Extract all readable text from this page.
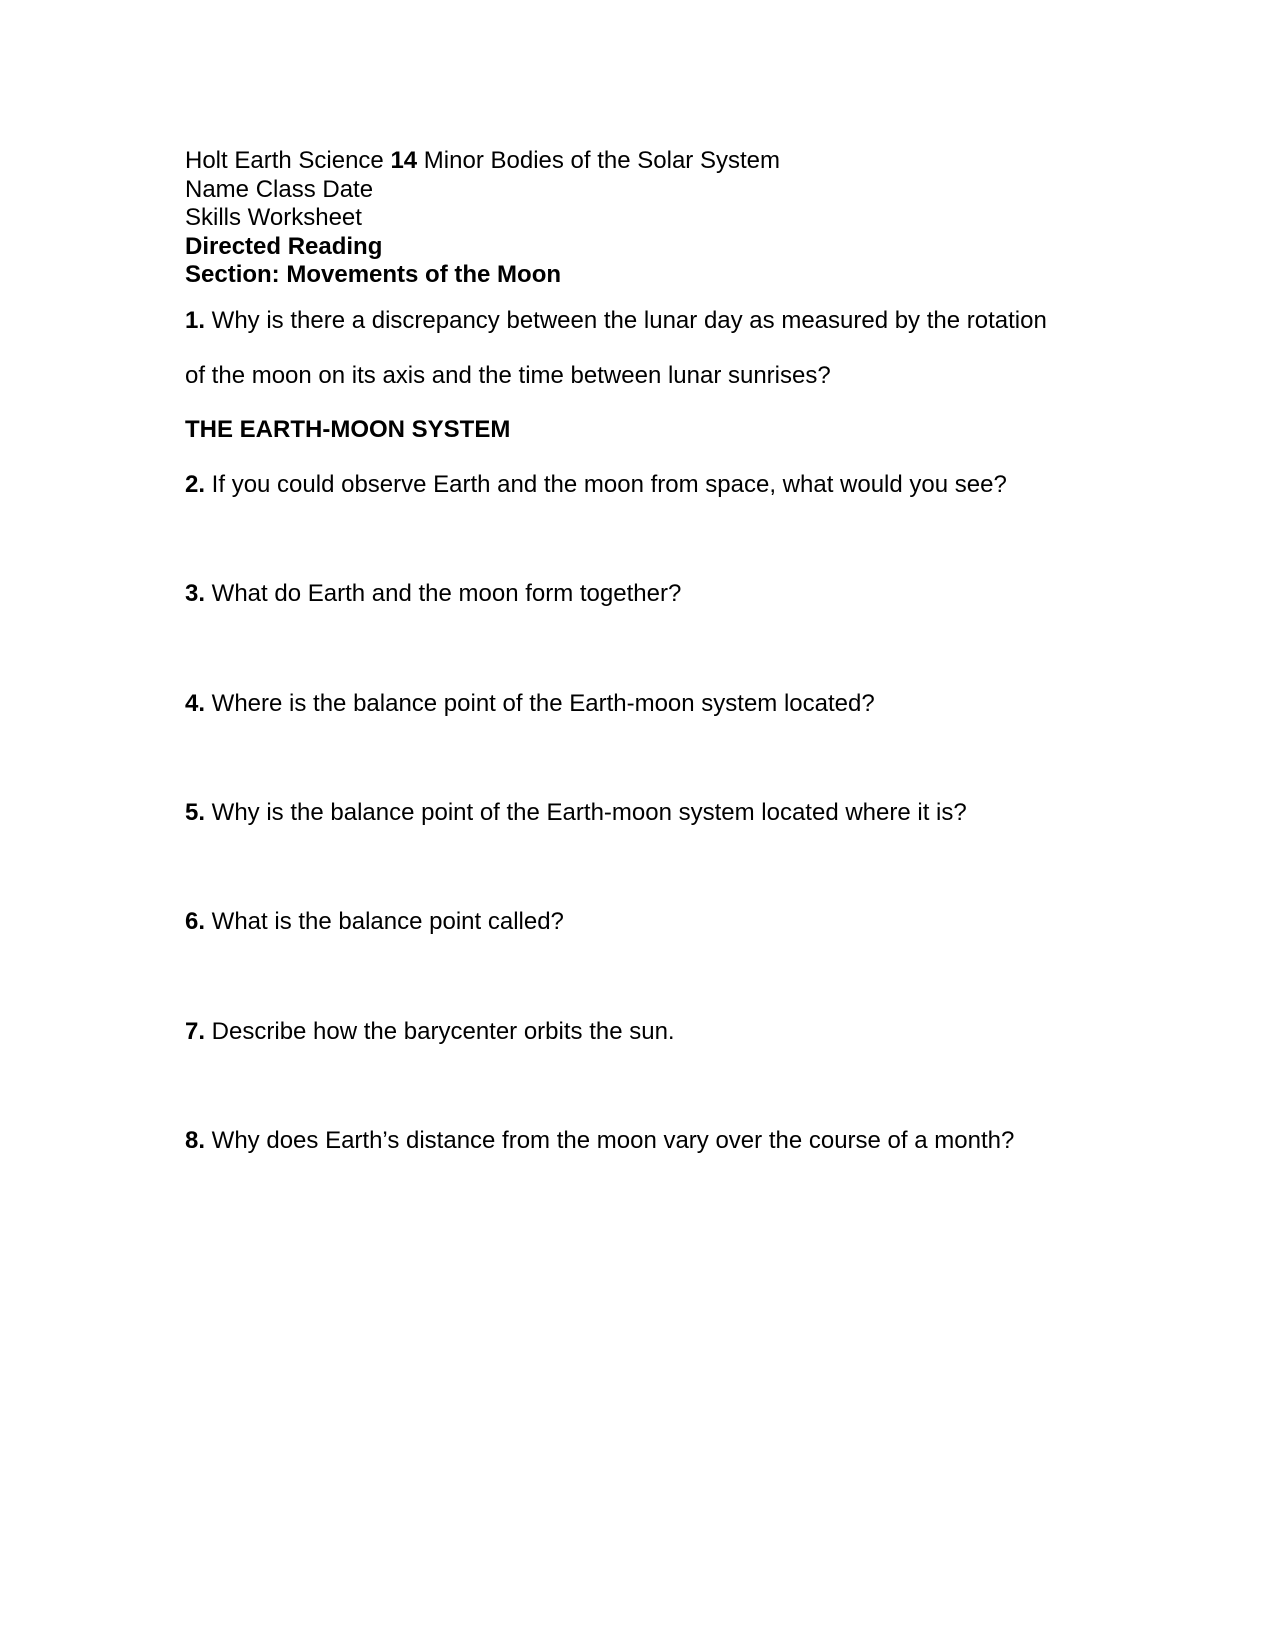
Holt Earth Science 14 Minor Bodies of the Solar System
Name Class Date
Skills Worksheet
Directed Reading
Section: Movements of the Moon
1. Why is there a discrepancy between the lunar day as measured by the rotation
of the moon on its axis and the time between lunar sunrises?
THE EARTH-MOON SYSTEM
2. If you could observe Earth and the moon from space, what would you see?
3. What do Earth and the moon form together?
4. Where is the balance point of the Earth-moon system located?
5. Why is the balance point of the Earth-moon system located where it is?
6. What is the balance point called?
7. Describe how the barycenter orbits the sun.
8. Why does Earth’s distance from the moon vary over the course of a month?
